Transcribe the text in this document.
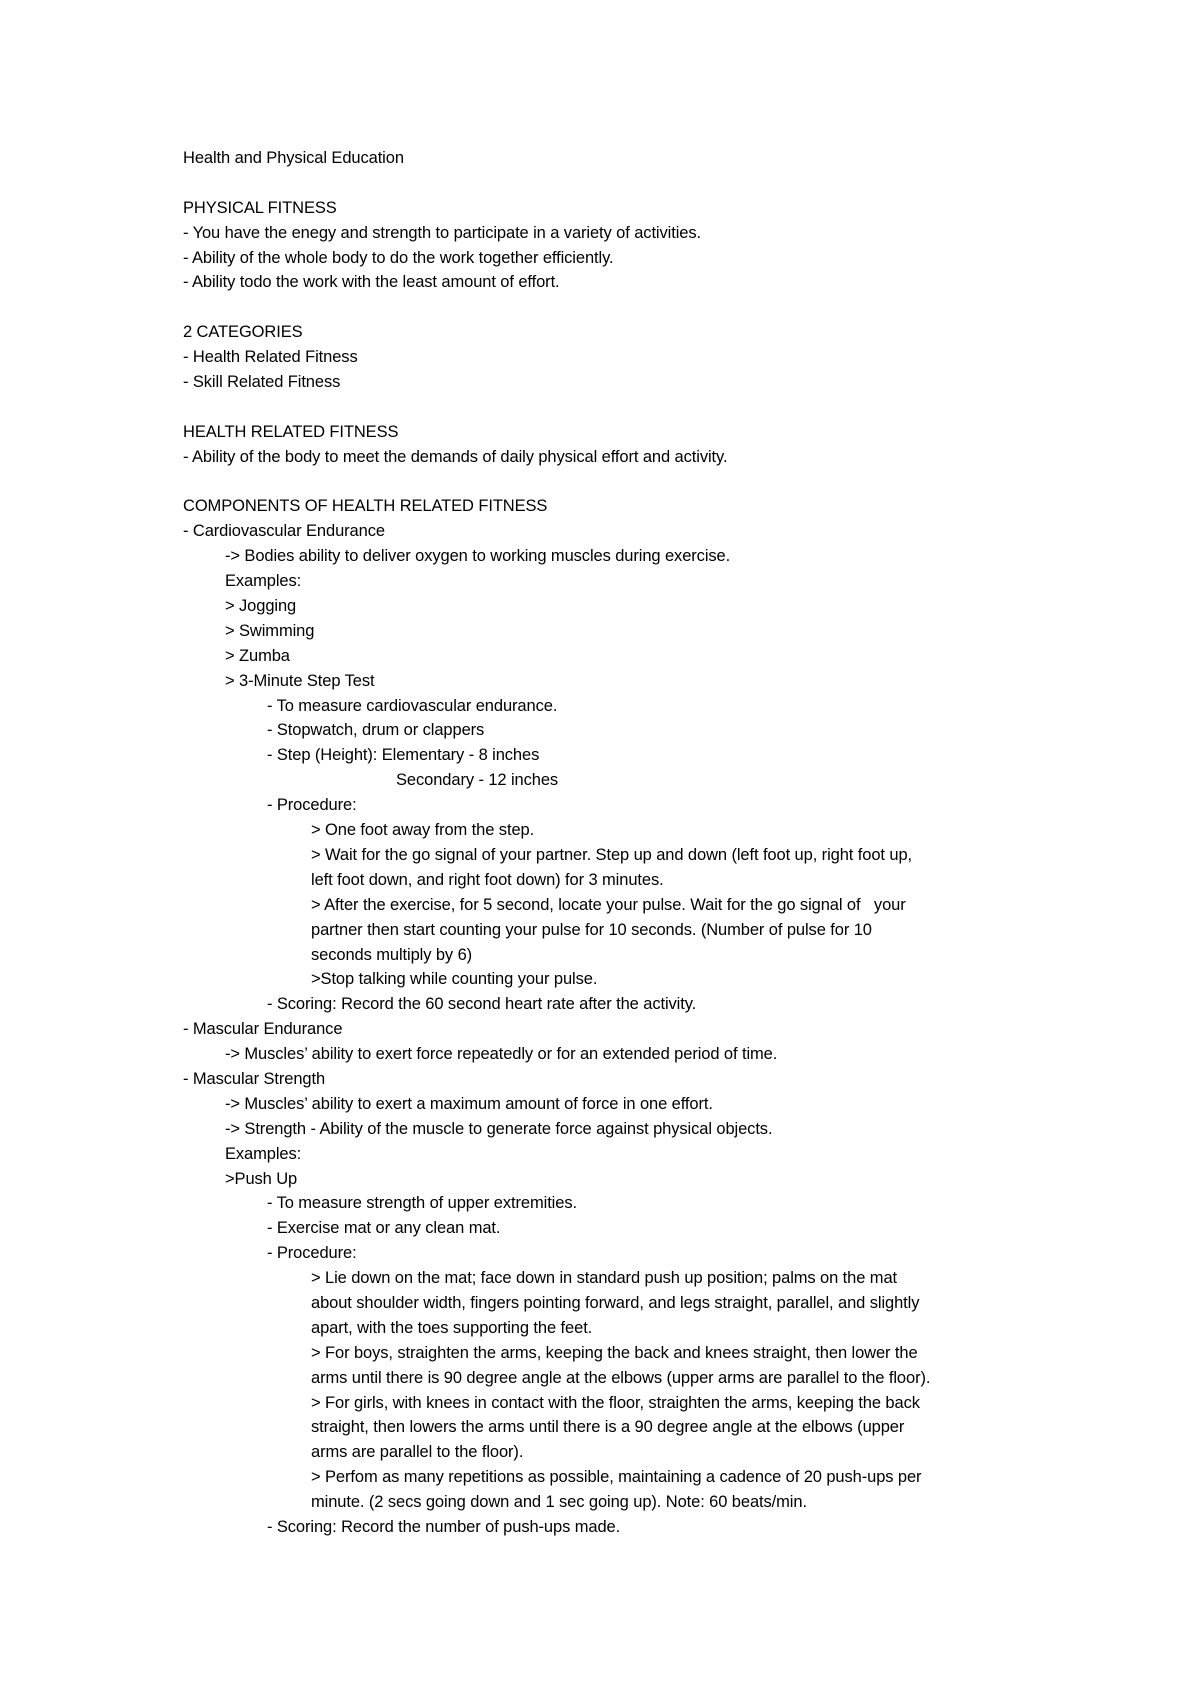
Health and Physical Education
PHYSICAL FITNESS
- You have the enegy and strength to participate in a variety of activities.
- Ability of the whole body to do the work together efficiently.
- Ability todo the work with the least amount of effort.
2 CATEGORIES
- Health Related Fitness
- Skill Related Fitness
HEALTH RELATED FITNESS
- Ability of the body to meet the demands of daily physical effort and activity.
COMPONENTS OF HEALTH RELATED FITNESS
- Cardiovascular Endurance
-> Bodies ability to deliver oxygen to working muscles during exercise.
Examples:
> Jogging
> Swimming
> Zumba
> 3-Minute Step Test
- To measure cardiovascular endurance.
- Stopwatch, drum or clappers
- Step (Height): Elementary - 8 inches
Secondary - 12 inches
- Procedure:
> One foot away from the step.
> Wait for the go signal of your partner. Step up and down (left foot up, right foot up,
left foot down, and right foot down) for 3 minutes.
> After the exercise, for 5 second, locate your pulse. Wait for the go signal of   your
partner then start counting your pulse for 10 seconds. (Number of pulse for 10
seconds multiply by 6)
>Stop talking while counting your pulse.
- Scoring: Record the 60 second heart rate after the activity.
- Mascular Endurance
-> Muscles’ ability to exert force repeatedly or for an extended period of time.
- Mascular Strength
-> Muscles’ ability to exert a maximum amount of force in one effort.
-> Strength - Ability of the muscle to generate force against physical objects.
Examples:
>Push Up
- To measure strength of upper extremities.
- Exercise mat or any clean mat.
- Procedure:
> Lie down on the mat; face down in standard push up position; palms on the mat
about shoulder width, fingers pointing forward, and legs straight, parallel, and slightly
apart, with the toes supporting the feet.
> For boys, straighten the arms, keeping the back and knees straight, then lower the
arms until there is 90 degree angle at the elbows (upper arms are parallel to the floor).
> For girls, with knees in contact with the floor, straighten the arms, keeping the back
straight, then lowers the arms until there is a 90 degree angle at the elbows (upper
arms are parallel to the floor).
> Perfom as many repetitions as possible, maintaining a cadence of 20 push-ups per
minute. (2 secs going down and 1 sec going up). Note: 60 beats/min.
- Scoring: Record the number of push-ups made.
